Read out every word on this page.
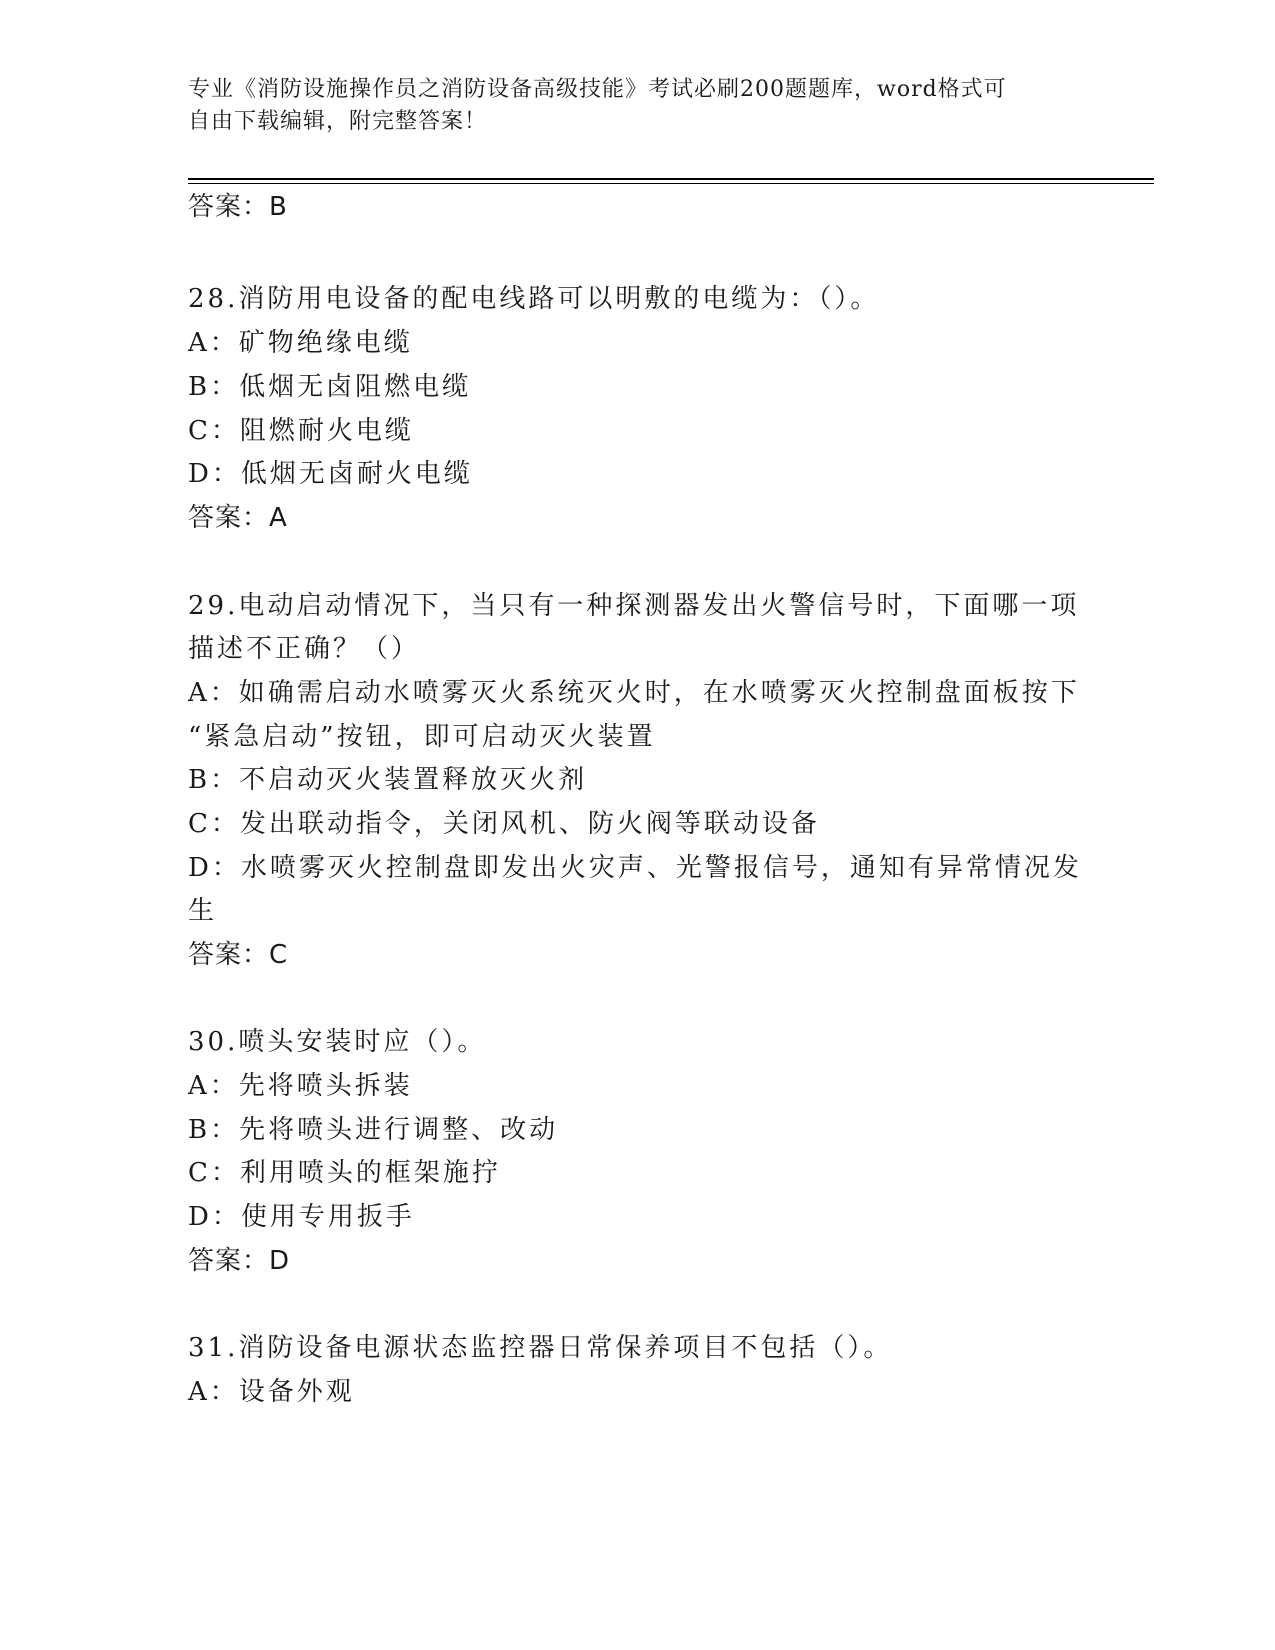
专业《消防设施操作员之消防设备高级技能》考试必刷200题题库，word格式可
自由下载编辑，附完整答案！
答案：B
28.消防用电设备的配电线路可以明敷的电缆为：（）。
A：矿物绝缘电缆
B：低烟无卤阻燃电缆
C：阻燃耐火电缆
D：低烟无卤耐火电缆
答案：A
29.电动启动情况下，当只有一种探测器发出火警信号时，下面哪一项
描述不正确？（）
A：如确需启动水喷雾灭火系统灭火时，在水喷雾灭火控制盘面板按下
“紧急启动”按钮，即可启动灭火装置
B：不启动灭火装置释放灭火剂
C：发出联动指令，关闭风机、防火阀等联动设备
D：水喷雾灭火控制盘即发出火灾声、光警报信号，通知有异常情况发
生
答案：C
30.喷头安装时应（）。
A：先将喷头拆装
B：先将喷头进行调整、改动
C：利用喷头的框架施拧
D：使用专用扳手
答案：D
31.消防设备电源状态监控器日常保养项目不包括（）。
A：设备外观
